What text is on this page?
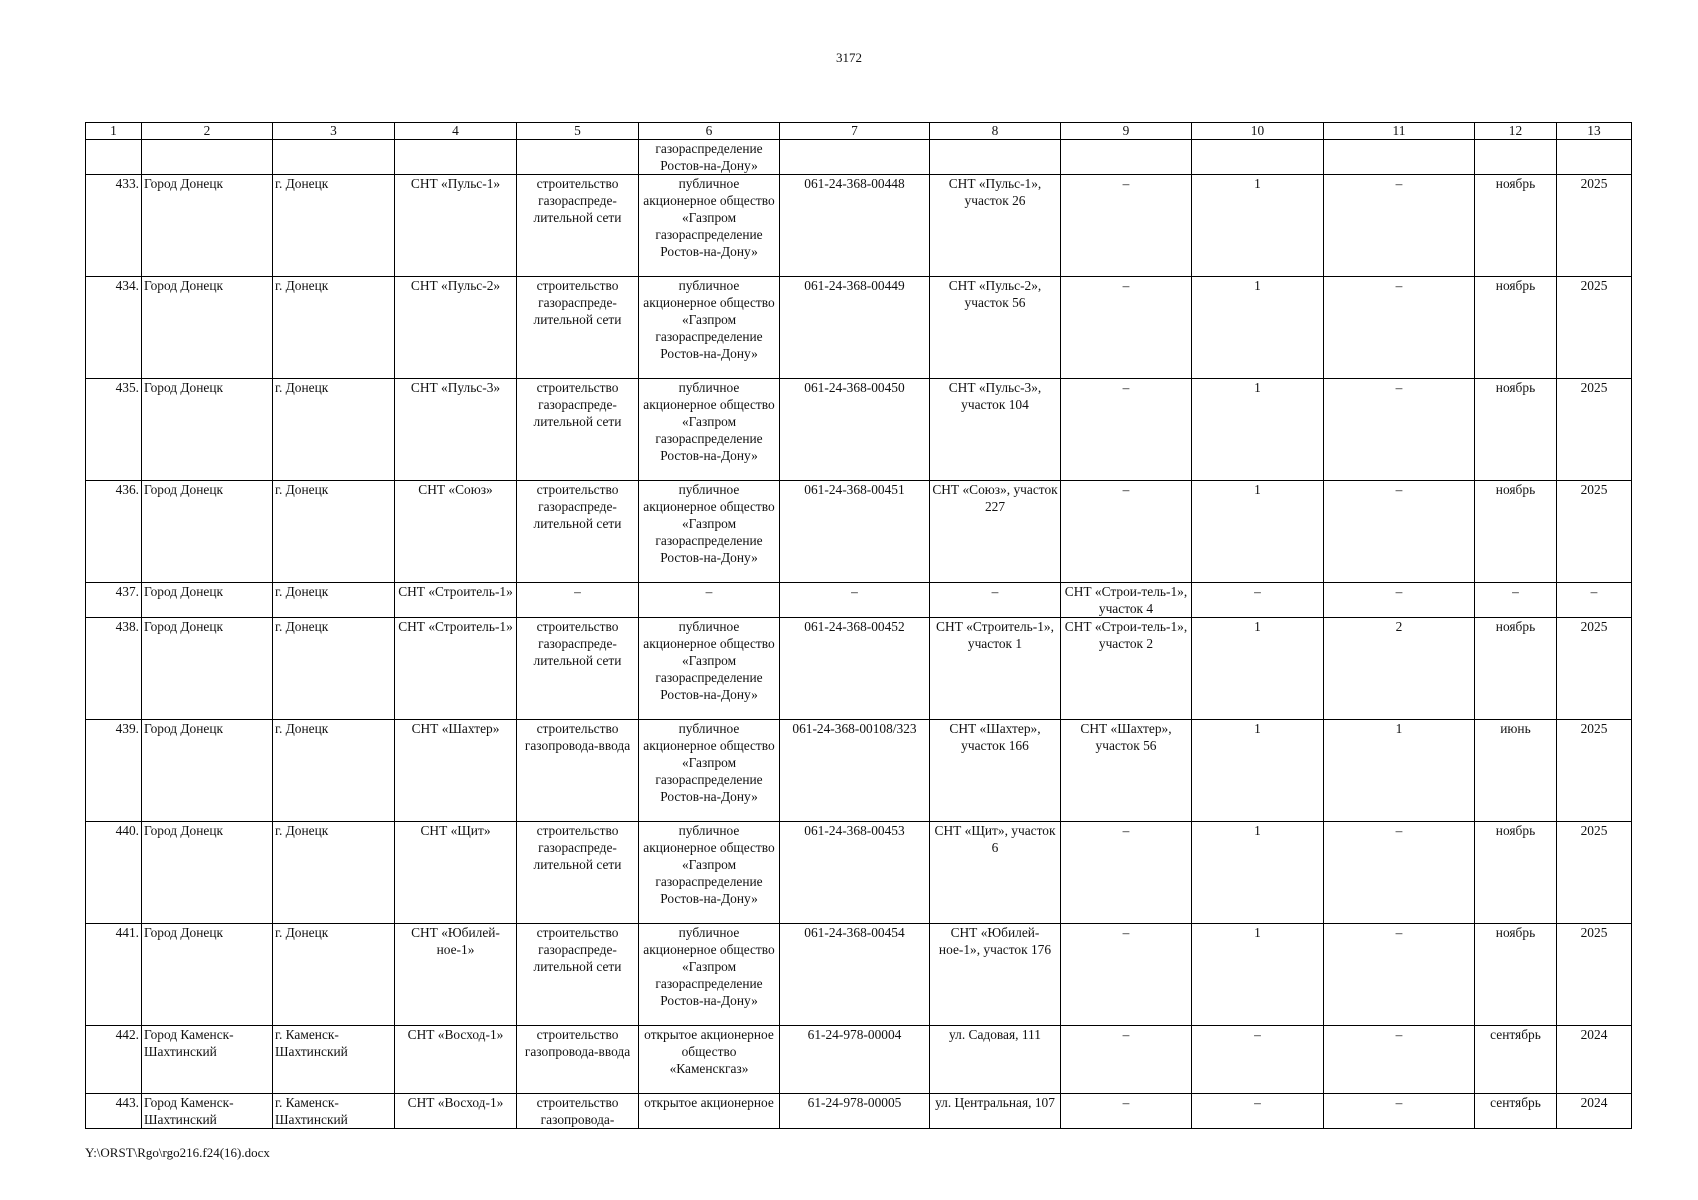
3172
1	2	3	4	5	6	7	8	9	10	11	12	13
					газораспределение Ростов-на-Дону»							
433.	Город Донецк	г. Донецк	СНТ «Пульс-1»	строительство газораспреде-лительной сети	публичное акционерное общество «Газпром газораспределение Ростов-на-Дону»	061-24-368-00448	СНТ «Пульс-1», участок 26	–	1	–	ноябрь	2025
434.	Город Донецк	г. Донецк	СНТ «Пульс-2»	строительство газораспреде-лительной сети	публичное акционерное общество «Газпром газораспределение Ростов-на-Дону»	061-24-368-00449	СНТ «Пульс-2», участок 56	–	1	–	ноябрь	2025
435.	Город Донецк	г. Донецк	СНТ «Пульс-3»	строительство газораспреде-лительной сети	публичное акционерное общество «Газпром газораспределение Ростов-на-Дону»	061-24-368-00450	СНТ «Пульс-3», участок 104	–	1	–	ноябрь	2025
436.	Город Донецк	г. Донецк	СНТ «Союз»	строительство газораспреде-лительной сети	публичное акционерное общество «Газпром газораспределение Ростов-на-Дону»	061-24-368-00451	СНТ «Союз», участок 227	–	1	–	ноябрь	2025
437.	Город Донецк	г. Донецк	СНТ «Строитель-1»	–	–	–	–	СНТ «Строи-тель-1», участок 4	–	–	–	–
438.	Город Донецк	г. Донецк	СНТ «Строитель-1»	строительство газораспреде-лительной сети	публичное акционерное общество «Газпром газораспределение Ростов-на-Дону»	061-24-368-00452	СНТ «Строитель-1», участок 1	СНТ «Строи-тель-1», участок 2	1	2	ноябрь	2025
439.	Город Донецк	г. Донецк	СНТ «Шахтер»	строительство газопровода-ввода	публичное акционерное общество «Газпром газораспределение Ростов-на-Дону»	061-24-368-00108/323	СНТ «Шахтер», участок 166	СНТ «Шахтер», участок 56	1	1	июнь	2025
440.	Город Донецк	г. Донецк	СНТ «Щит»	строительство газораспреде-лительной сети	публичное акционерное общество «Газпром газораспределение Ростов-на-Дону»	061-24-368-00453	СНТ «Щит», участок 6	–	1	–	ноябрь	2025
441.	Город Донецк	г. Донецк	СНТ «Юбилей-ное-1»	строительство газораспреде-лительной сети	публичное акционерное общество «Газпром газораспределение Ростов-на-Дону»	061-24-368-00454	СНТ «Юбилей-ное-1», участок 176	–	1	–	ноябрь	2025
442.	Город Каменск-Шахтинский	г. Каменск-Шахтинский	СНТ «Восход-1»	строительство газопровода-ввода	открытое акционерное общество «Каменскгаз»	61-24-978-00004	ул. Садовая, 111	–	–	–	сентябрь	2024
443.	Город Каменск-Шахтинский	г. Каменск-Шахтинский	СНТ «Восход-1»	строительство газопровода-	открытое акционерное	61-24-978-00005	ул. Центральная, 107	–	–	–	сентябрь	2024
Y:\ORST\Rgo\rgo216.f24(16).docx
